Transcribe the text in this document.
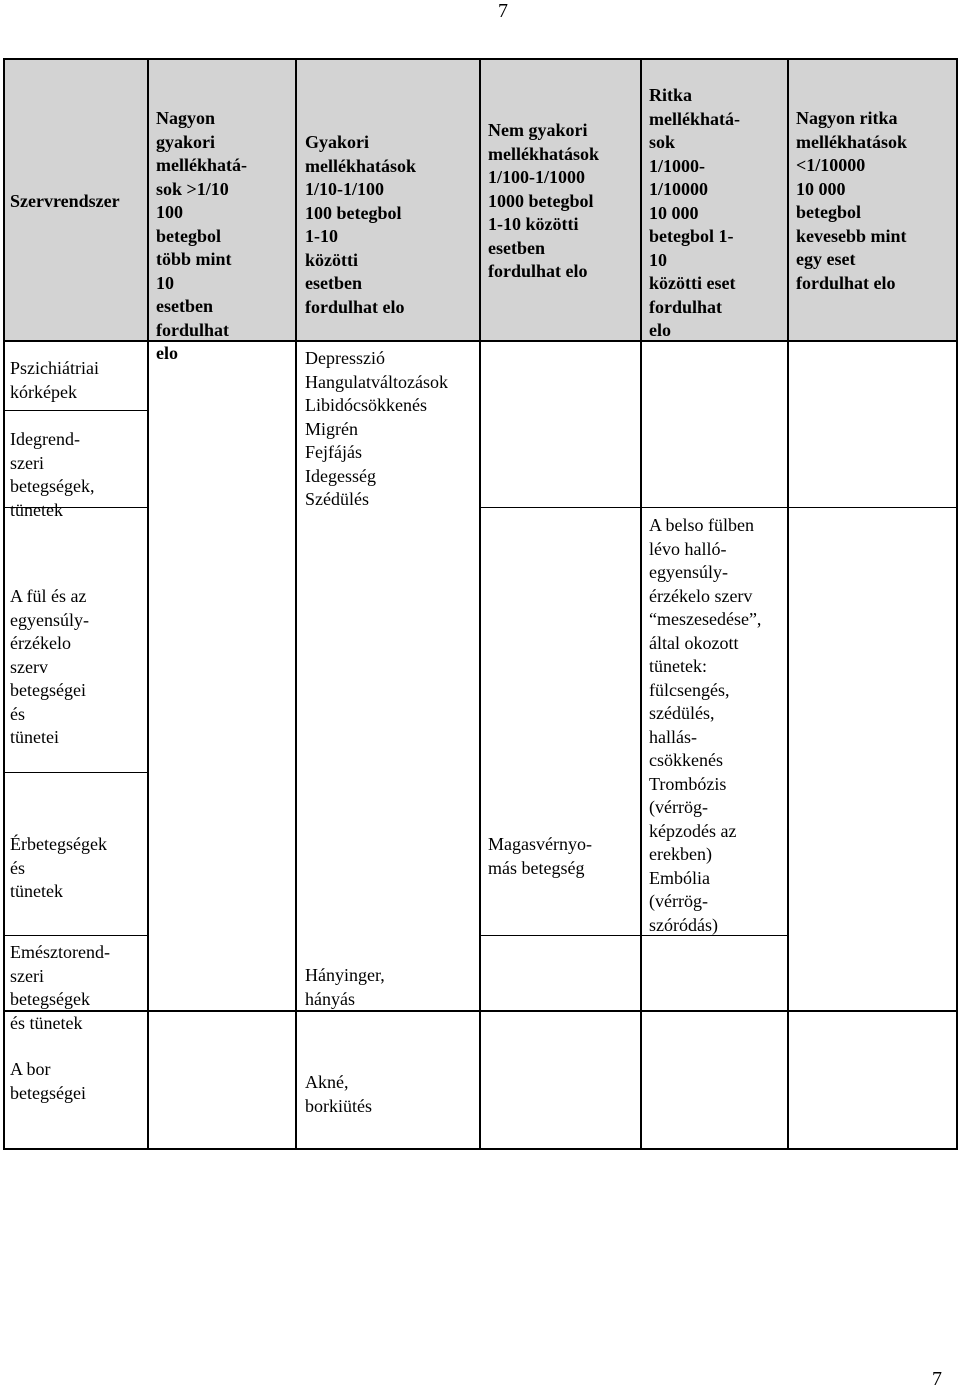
7
Szervrendszer
Nagyon
gyakori
mellékhatá-
sok >1/10
100 betegbol
több mint 10
esetben
fordulhat elo
Gyakori
mellékhatások
1/10-1/100
100 betegbol 1-10
közötti esetben
fordulhat elo
Nem gyakori
mellékhatások
1/100-1/1000
1000 betegbol
1-10 közötti
esetben
fordulhat elo
Ritka
mellékhatá-
sok
1/1000-1/10000
10 000
betegbol 1-10
közötti eset
fordulhat elo
Nagyon ritka
mellékhatások
<1/10000
10 000 betegbol
kevesebb mint
egy eset
fordulhat elo
Pszichiátriai
kórképek
Idegrend-szeri
betegségek,
tünetek
Depresszió
Hangulatváltozások
Libidócsökkenés
Migrén
Fejfájás
Idegesség
Szédülés
A fül és az
egyensúly-
érzékelo szerv
betegségei és
tünetei
A belso fülben
lévo halló-
egyensúly-
érzékelo szerv
“meszesedése”,
által okozott
tünetek:
fülcsengés,
szédülés,
hallás-
csökkenés
Trombózis
(vérrög-
képzodés az
erekben)
Embólia
(vérrög-
szóródás)
Érbetegségek és
tünetek
Magasvérnyo-
más betegség
Emésztorend-
szeri betegségek
és tünetek
Hányinger, hányás
A bor
betegségei
Akné, borkiütés
7
